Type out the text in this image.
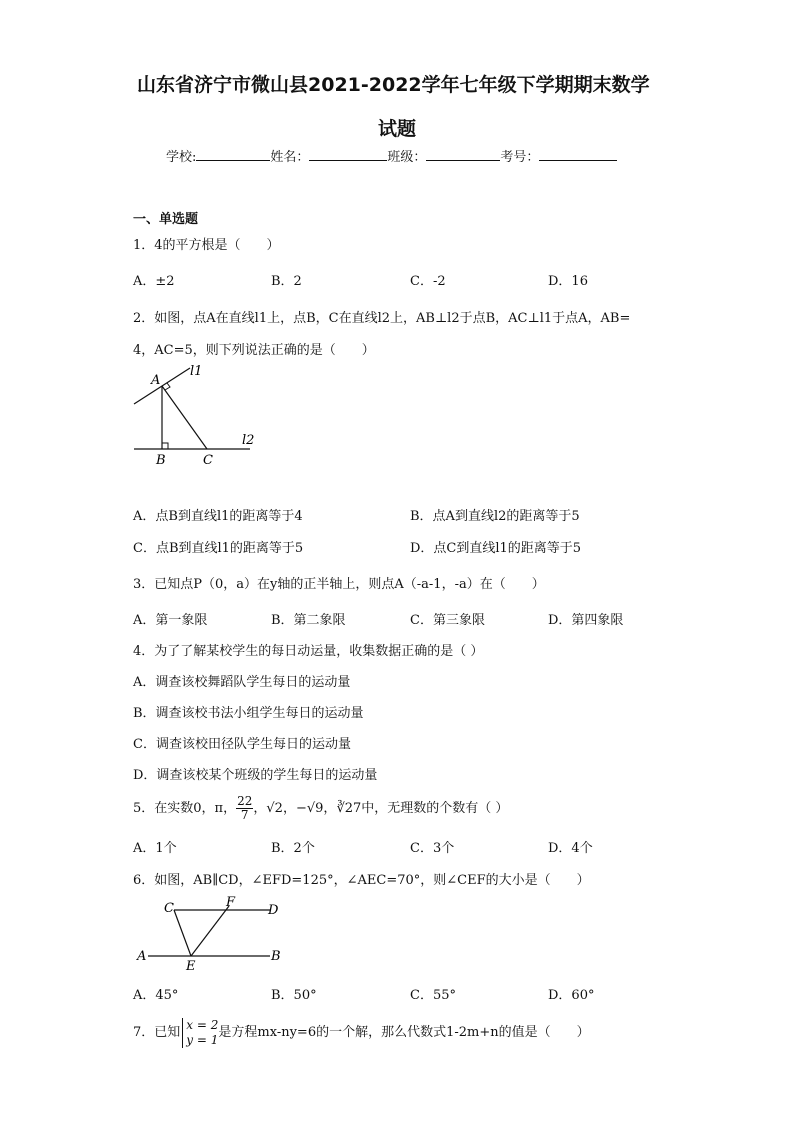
山东省济宁市微山县2021-2022学年七年级下学期期末数学
试题
学校:	姓名：	班级：	考号：
一、单选题
1．4的平方根是（　　）
A．±2	B．2	C．-2	D．16
2．如图，点A在直线l1上，点B，C在直线l2上，AB⊥l2于点B，AC⊥l1于点A，AB=
4，AC=5，则下列说法正确的是（　　）
A
l1
l2
B	C
A．点B到直线l1的距离等于4	B．点A到直线l2的距离等于5
C．点B到直线l1的距离等于5	D．点C到直线l1的距离等于5
3．已知点P（0，a）在y轴的正半轴上，则点A（-a-1，-a）在（　　）
A．第一象限	B．第二象限	C．第三象限	D．第四象限
4．为了了解某校学生的每日动运量，收集数据正确的是（ ）
A．调查该校舞蹈队学生每日的运动量
B．调查该校书法小组学生每日的运动量
C．调查该校田径队学生每日的运动量
D．调查该校某个班级的学生每日的运动量
5．在实数0，π， $\frac{22}{7}$ ，√2，−√9，∛27中，无理数的个数有（ ）
A．1个	B．2个	C．3个	D．4个
6．如图，AB∥CD，∠EFD=125°，∠AEC=70°，则∠CEF的大小是（　　）
C	F
D
A
E
B
A．45°	B．50°	C．55°	D．60°
7．已知
x = 2
y = 1 是方程mx-ny=6的一个解，那么代数式1-2m+n的值是（　　）
